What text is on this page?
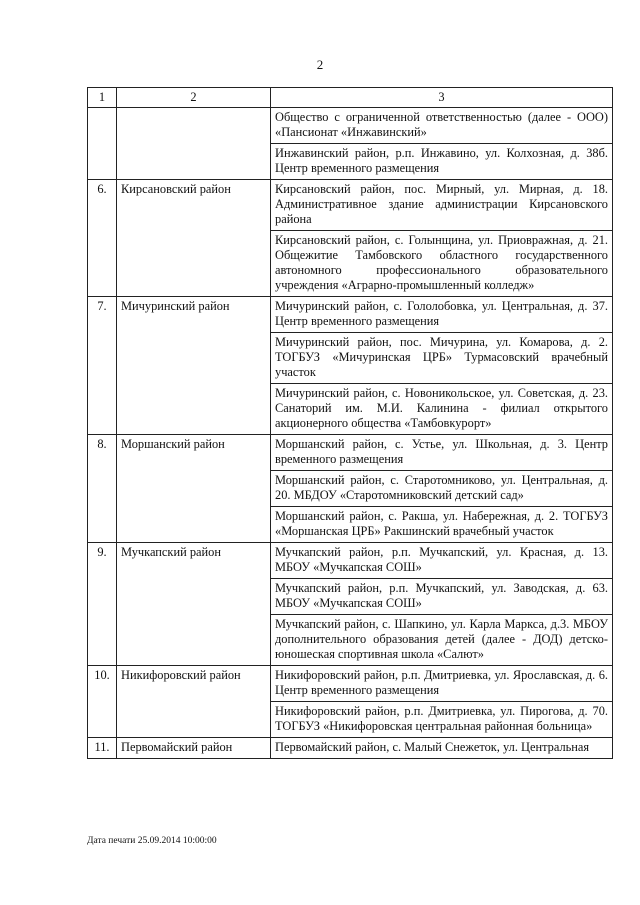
2
1	2	3
		Общество с ограниченной ответственностью (далее - ООО) «Пансионат «Инжавинский»
		Инжавинский район, р.п. Инжавино, ул. Колхозная, д. 38б. Центр временного размещения
6.	Кирсановский район	Кирсановский район, пос. Мирный, ул. Мирная, д. 18. Административное здание администрации Кирсановского района
		Кирсановский район, с. Голынщина, ул. Приовражная, д. 21. Общежитие Тамбовского областного государственного автономного профессионального образовательного учреждения «Аграрно-промышленный колледж»
7.	Мичуринский район	Мичуринский район, с. Гололобовка, ул. Центральная, д. 37. Центр временного размещения
		Мичуринский район, пос. Мичурина, ул. Комарова, д. 2. ТОГБУЗ «Мичуринская ЦРБ» Турмасовский врачебный участок
		Мичуринский район, с. Новоникольское, ул. Советская, д. 23. Санаторий им. М.И. Калинина - филиал открытого акционерного общества «Тамбовкурорт»
8.	Моршанский район	Моршанский район, с. Устье, ул. Школьная, д. 3. Центр временного размещения
		Моршанский район, с. Старотомниково, ул. Центральная, д. 20. МБДОУ «Старотомниковский детский сад»
		Моршанский район, с. Ракша, ул. Набережная, д. 2. ТОГБУЗ «Моршанская ЦРБ» Ракшинский врачебный участок
9.	Мучкапский район	Мучкапский район, р.п. Мучкапский, ул. Красная, д. 13. МБОУ «Мучкапская СОШ»
		Мучкапский район, р.п. Мучкапский, ул. Заводская, д. 63. МБОУ «Мучкапская СОШ»
		Мучкапский район, с. Шапкино, ул. Карла Маркса, д.3. МБОУ дополнительного образования детей (далее - ДОД) детско-юношеская спортивная школа «Салют»
10.	Никифоровский район	Никифоровский район, р.п. Дмитриевка, ул. Ярославская, д. 6. Центр временного размещения
		Никифоровский район, р.п. Дмитриевка, ул. Пирогова, д. 70. ТОГБУЗ «Никифоровская центральная районная больница»
11.	Первомайский район	Первомайский район, с. Малый Снежеток, ул. Центральная
Дата печати 25.09.2014 10:00:00
